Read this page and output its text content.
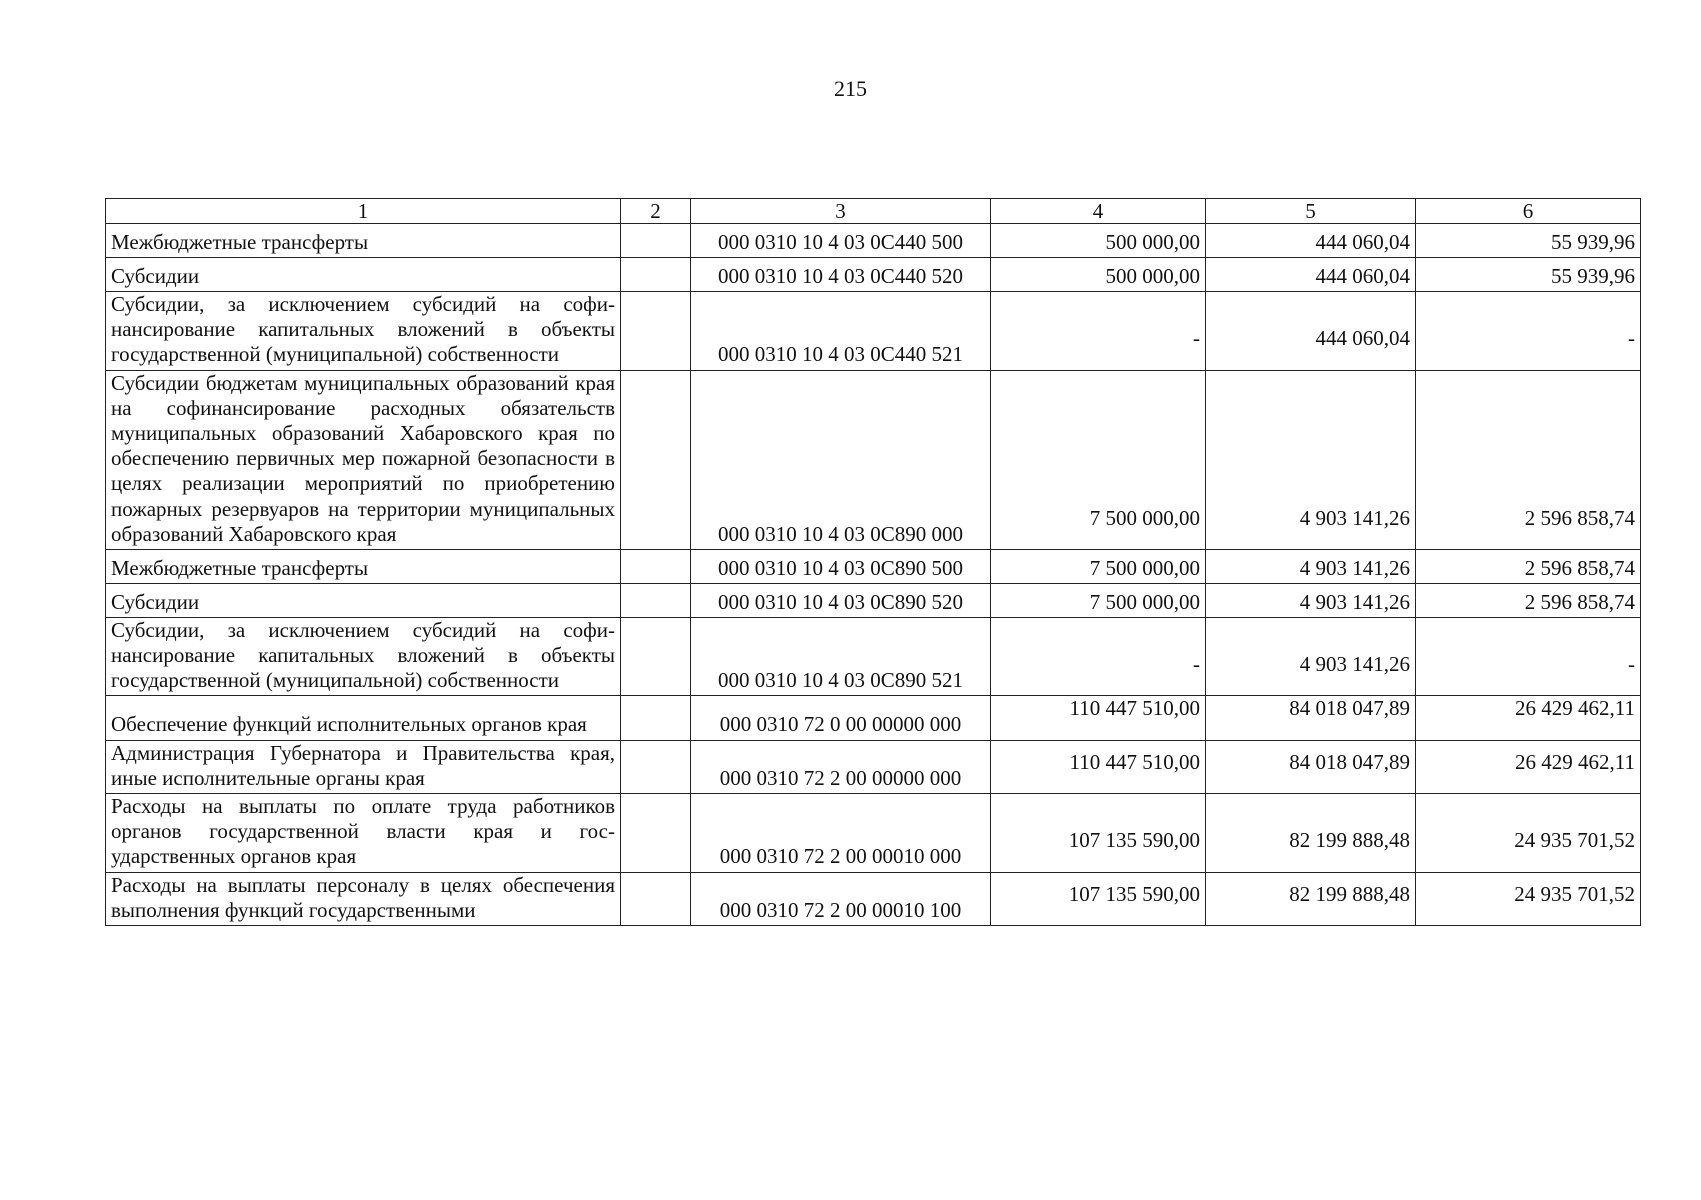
215
1	2	3	4	5	6
Межбюджетные трансферты		000 0310 10 4 03 0C440 500	500 000,00	444 060,04	55 939,96
Субсидии		000 0310 10 4 03 0C440 520	500 000,00	444 060,04	55 939,96
Субсидии, за исключением субсидий на софинансирование капитальных вложений в объекты государственной (муниципальной) собственности		000 0310 10 4 03 0C440 521	-	444 060,04	-
Субсидии бюджетам муниципальных образований края на софинансирование расходных обязательств муниципальных образований Хабаровского края по обеспечению первичных мер пожарной безопасности в целях реализации мероприятий по приобретению пожарных резервуаров на территории муниципальных образований Хабаровского края		000 0310 10 4 03 0C890 000	7 500 000,00	4 903 141,26	2 596 858,74
Межбюджетные трансферты		000 0310 10 4 03 0C890 500	7 500 000,00	4 903 141,26	2 596 858,74
Субсидии		000 0310 10 4 03 0C890 520	7 500 000,00	4 903 141,26	2 596 858,74
Субсидии, за исключением субсидий на софинансирование капитальных вложений в объекты государственной (муниципальной) собственности		000 0310 10 4 03 0C890 521	-	4 903 141,26	-
Обеспечение функций исполнительных органов края		000 0310 72 0 00 00000 000	110 447 510,00	84 018 047,89	26 429 462,11
Администрация Губернатора и Правительства края, иные исполнительные органы края		000 0310 72 2 00 00000 000	110 447 510,00	84 018 047,89	26 429 462,11
Расходы на выплаты по оплате труда работников органов государственной власти края и государственных органов края		000 0310 72 2 00 00010 000	107 135 590,00	82 199 888,48	24 935 701,52
Расходы на выплаты персоналу в целях обеспечения выполнения функций государственными		000 0310 72 2 00 00010 100	107 135 590,00	82 199 888,48	24 935 701,52
